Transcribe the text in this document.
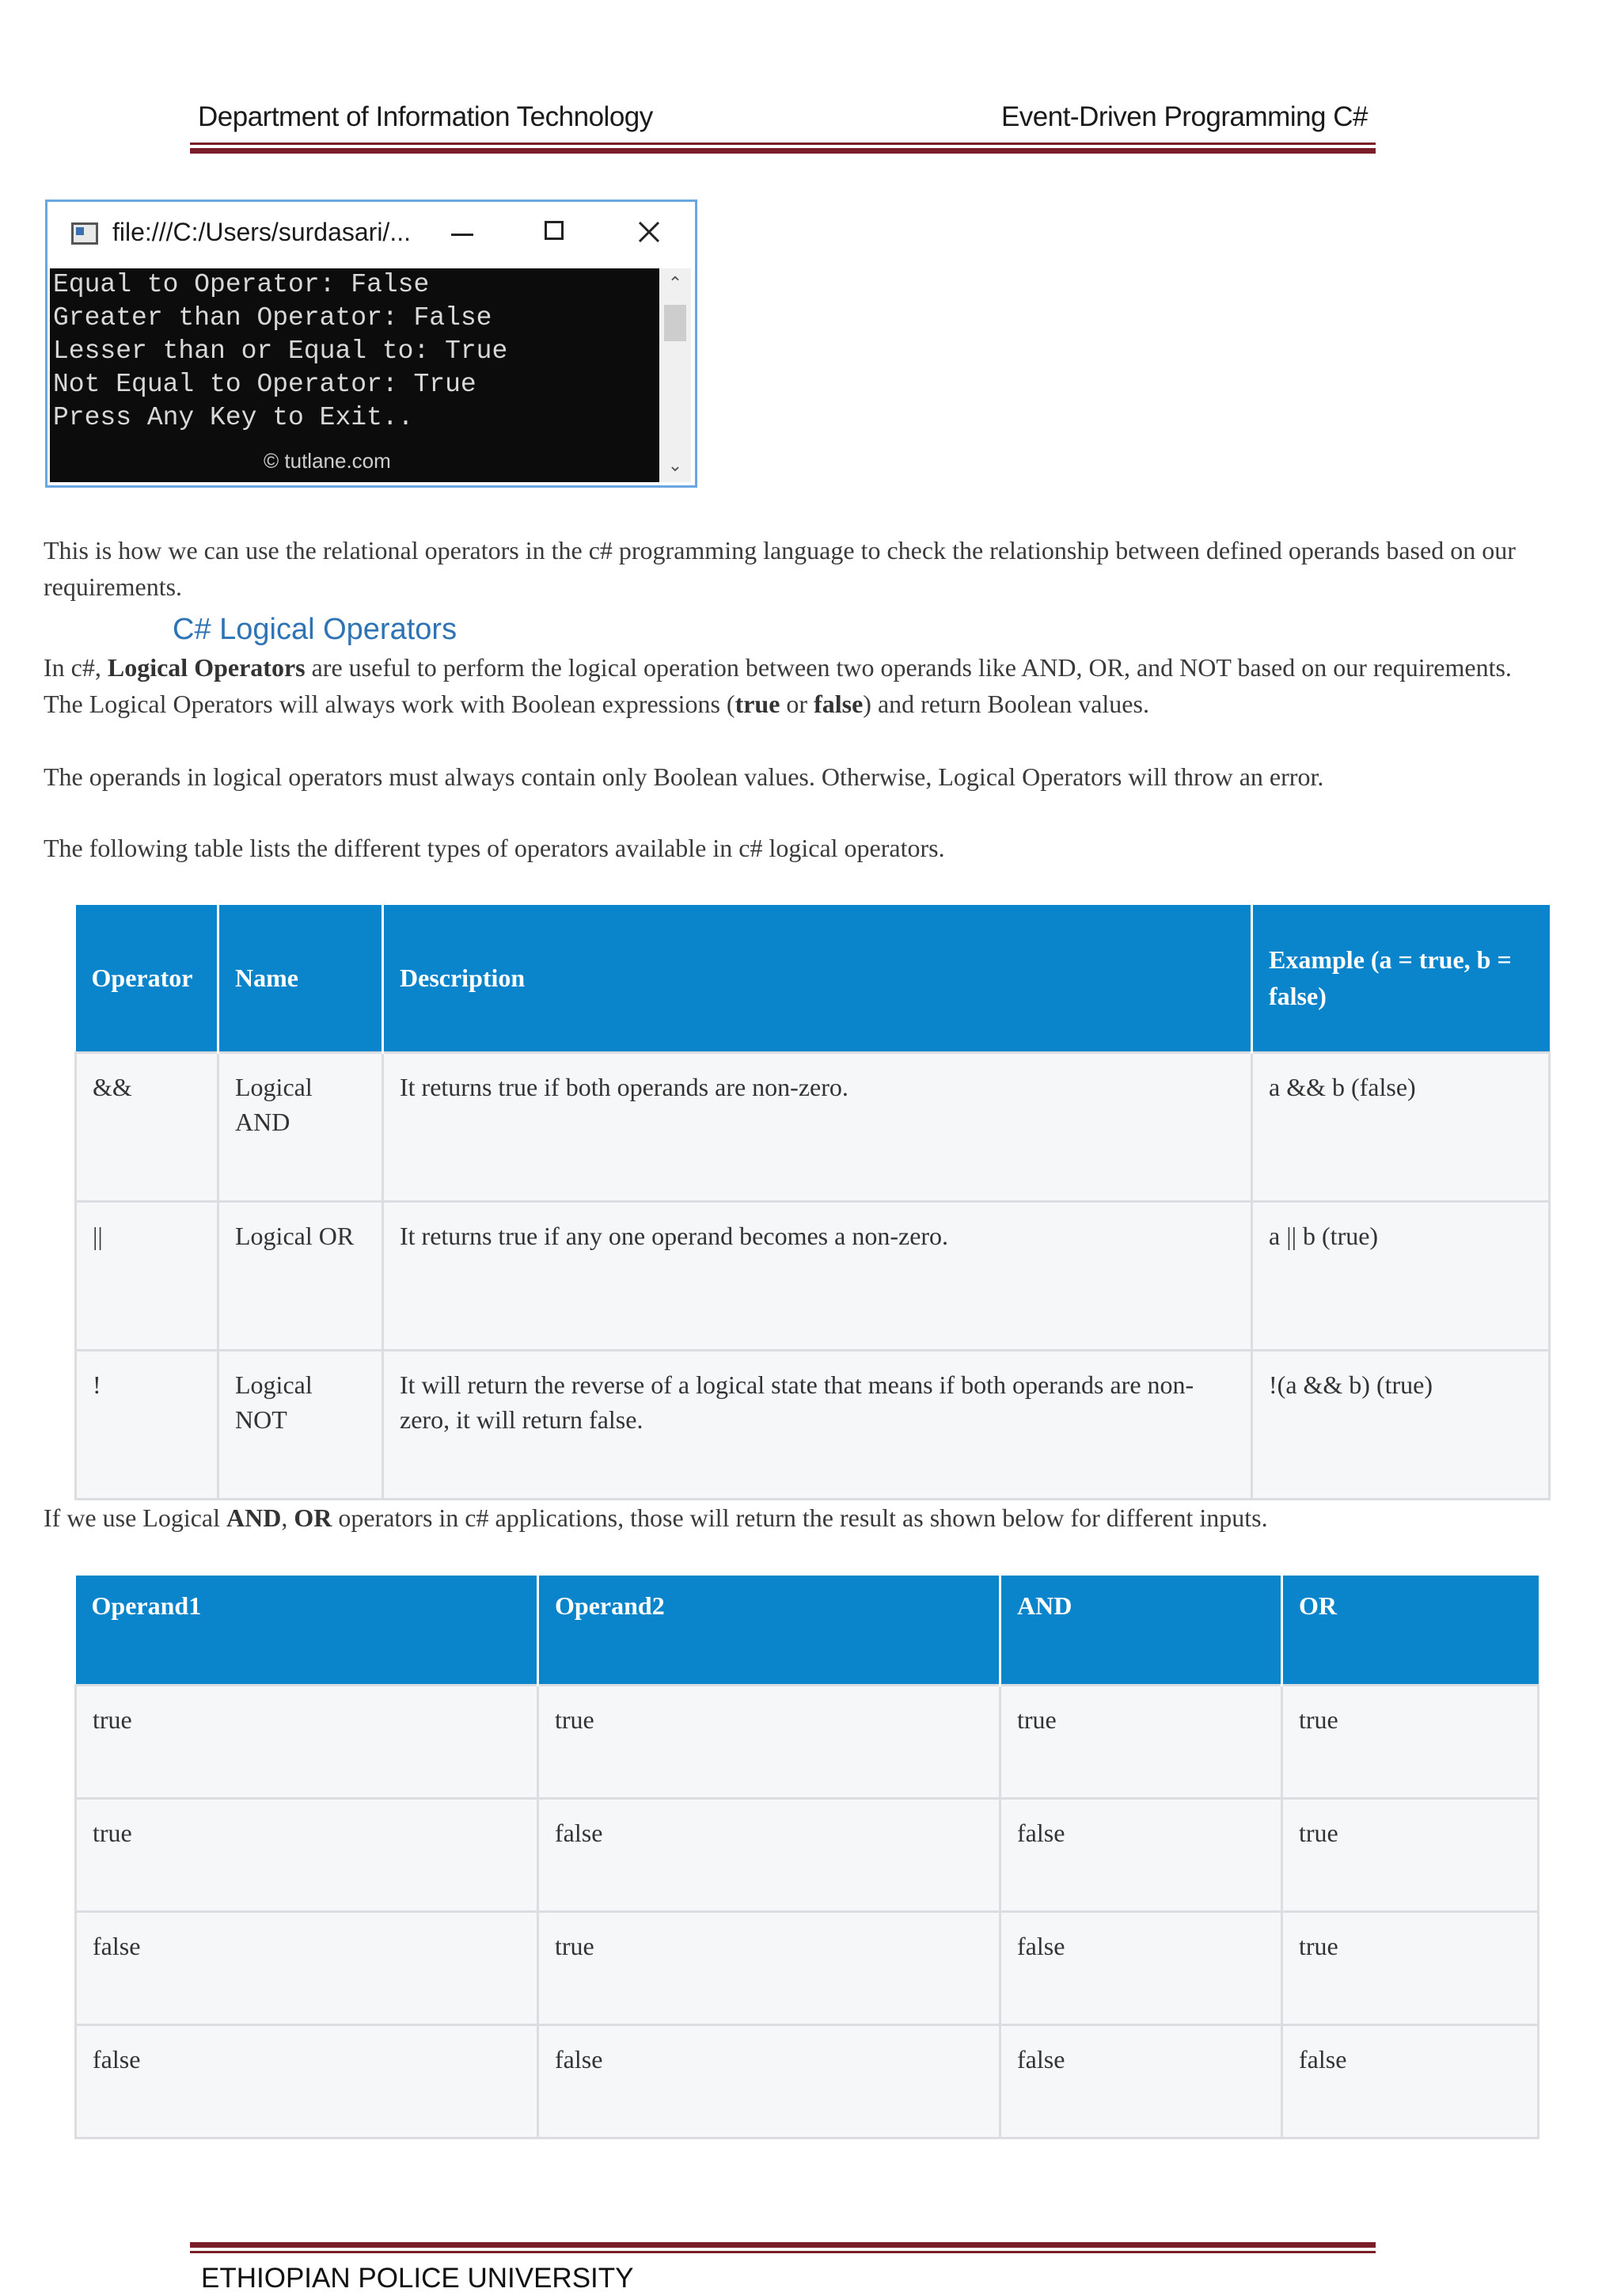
Department of Information Technology	Event-Driven Programming C#
file:///C:/Users/surdasari/...
Equal to Operator: False
Greater than Operator: False
Lesser than or Equal to: True
Not Equal to Operator: True
Press Any Key to Exit..
© tutlane.com
⌃
⌄
This is how we can use the relational operators in the c# programming language to check the relationship between defined operands based on our requirements.
C# Logical Operators
In c#, Logical Operators are useful to perform the logical operation between two operands like AND, OR, and NOT based on our requirements. The Logical Operators will always work with Boolean expressions (true or false) and return Boolean values.
The operands in logical operators must always contain only Boolean values. Otherwise, Logical Operators will throw an error.
The following table lists the different types of operators available in c# logical operators.
Operator	Name	Description	Example (a = true, b = false)
&&	Logical AND	It returns true if both operands are non-zero.	a && b (false)
||	Logical OR	It returns true if any one operand becomes a non-zero.	a || b (true)
!	Logical NOT	It will return the reverse of a logical state that means if both operands are non-zero, it will return false.	!(a && b) (true)
If we use Logical AND, OR operators in c# applications, those will return the result as shown below for different inputs.
Operand1	Operand2	AND	OR
true	true	true	true
true	false	false	true
false	true	false	true
false	false	false	false
ETHIOPIAN POLICE UNIVERSITY
